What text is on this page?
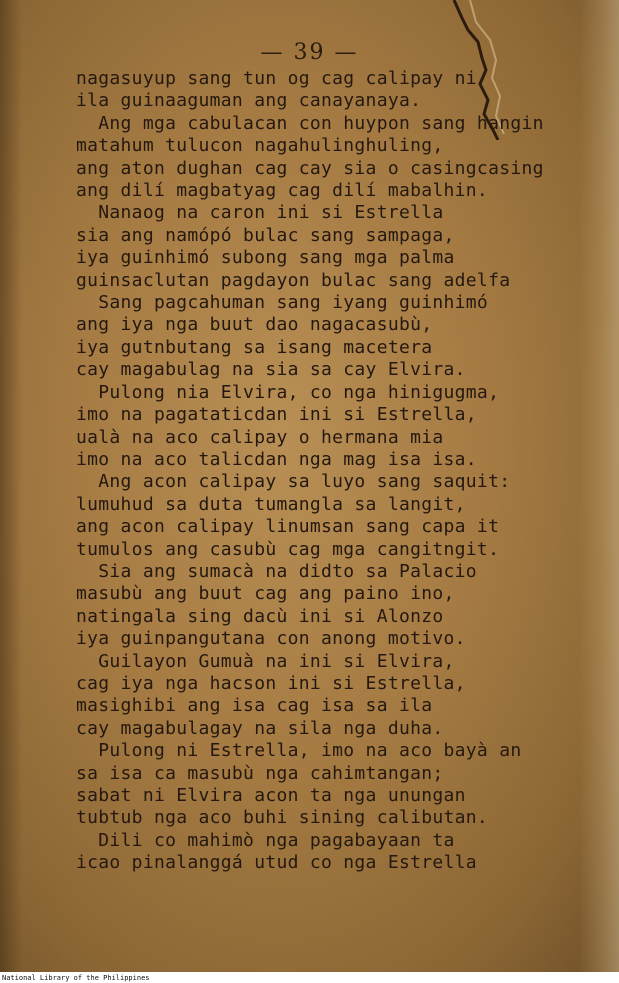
— 39 —
nagasuyup sang tun og cag calipay ni
ila guinaaguman ang canayanaya.
Ang mga cabulacan con huypon sang hangin
matahum tulucon nagahulinghuling,
ang aton dughan cag cay sia o casingcasing
ang dilí magbatyag cag dilí mabalhin.
Nanaog na caron ini si Estrella
sia ang namópó bulac sang sampaga,
iya guinhimó subong sang mga palma
guinsaclutan pagdayon bulac sang adelfa
Sang pagcahuman sang iyang guinhimó
ang iya nga buut dao nagacasubù,
iya gutnbutang sa isang macetera
cay magabulag na sia sa cay Elvira.
Pulong nia Elvira, co nga hinigugma,
imo na pagataticdan ini si Estrella,
ualà na aco calipay o hermana mia
imo na aco talicdan nga mag isa isa.
Ang acon calipay sa luyo sang saquit:
lumuhud sa duta tumangla sa langit,
ang acon calipay linumsan sang capa it
tumulos ang casubù cag mga cangitngit.
Sia ang sumacà na didto sa Palacio
masubù ang buut cag ang paino ino,
natingala sing dacù ini si Alonzo
iya guinpangutana con anong motivo.
Guilayon Gumuà na ini si Elvira,
cag iya nga hacson ini si Estrella,
masighibi ang isa cag isa sa ila
cay magabulagay na sila nga duha.
Pulong ni Estrella, imo na aco bayà an
sa isa ca masubù nga cahimtangan;
sabat ni Elvira acon ta nga unungan
tubtub nga aco buhi sining calibutan.
Dili co mahimò nga pagabayaan ta
icao pinalanggá utud co nga Estrella
National Library of the Philippines
